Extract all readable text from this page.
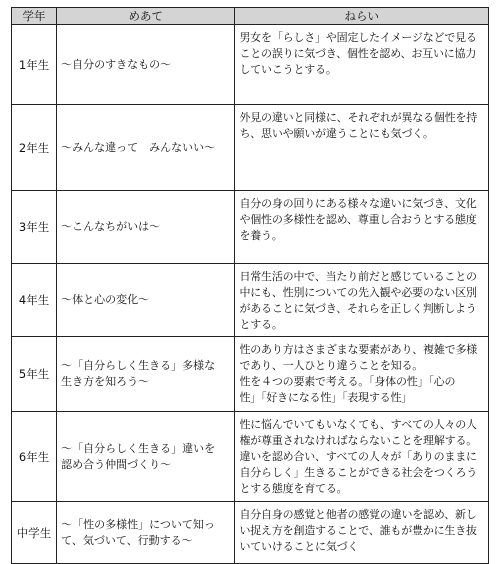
学年	めあて	ねらい
1年生	〜自分のすきなもの〜	男女を「らしさ」や固定したイメージなどで見る
ことの誤りに気づき、個性を認め、お互いに協力
していこうとする。
2年生	〜みんな違って　みんないい〜	外見の違いと同様に、それぞれが異なる個性を持
ち、思いや願いが違うことにも気づく。
3年生	〜こんなちがいは〜	自分の身の回りにある様々な違いに気づき、文化
や個性の多様性を認め、尊重し合おうとする態度
を養う。
4年生	〜体と心の変化〜	日常生活の中で、当たり前だと感じていることの
中にも、性別についての先入観や必要のない区別
があることに気づき、それらを正しく判断しよう
とする。
5年生	〜「自分らしく生きる」多様な
生き方を知ろう〜	性のあり方はさまざまな要素があり、複雑で多様
であり、一人ひとり違うことを知る。
性を４つの要素で考える。「身体の性」「心の
性」「好きになる性」「表現する性」
6年生	〜「自分らしく生きる」違いを
認め合う仲間づくり〜	性に悩んでいてもいなくても、すべての人々の人
権が尊重されなければならないことを理解する。
違いを認め合い、すべての人々が「ありのままに
自分らしく」生きることができる社会をつくろう
とする態度を育てる。
中学生	〜「性の多様性」について知っ
て、気づいて、行動する〜	自分自身の感覚と他者の感覚の違いを認め、新し
い捉え方を創造することで、誰もが豊かに生き抜
いていけることに気づく
